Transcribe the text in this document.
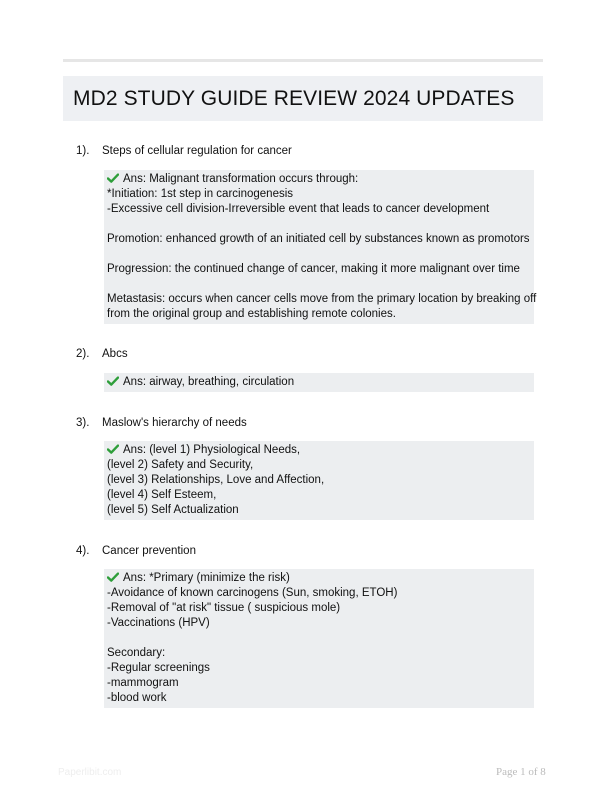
MD2 STUDY GUIDE REVIEW 2024 UPDATES
1). Steps of cellular regulation for cancer
Ans: Malignant transformation occurs through:
*Initiation: 1st step in carcinogenesis
-Excessive cell division-Irreversible event that leads to cancer development
Promotion: enhanced growth of an initiated cell by substances known as promotors
Progression: the continued change of cancer, making it more malignant over time
Metastasis: occurs when cancer cells move from the primary location by breaking off
from the original group and establishing remote colonies.
2). Abcs
Ans: airway, breathing, circulation
3). Maslow's hierarchy of needs
Ans: (level 1) Physiological Needs,
(level 2) Safety and Security,
(level 3) Relationships, Love and Affection,
(level 4) Self Esteem,
(level 5) Self Actualization
4). Cancer prevention
Ans: *Primary (minimize the risk)
-Avoidance of known carcinogens (Sun, smoking, ETOH)
-Removal of "at risk" tissue ( suspicious mole)
-Vaccinations (HPV)
Secondary:
-Regular screenings
-mammogram
-blood work
Paperlibit.com	Page 1 of 8
